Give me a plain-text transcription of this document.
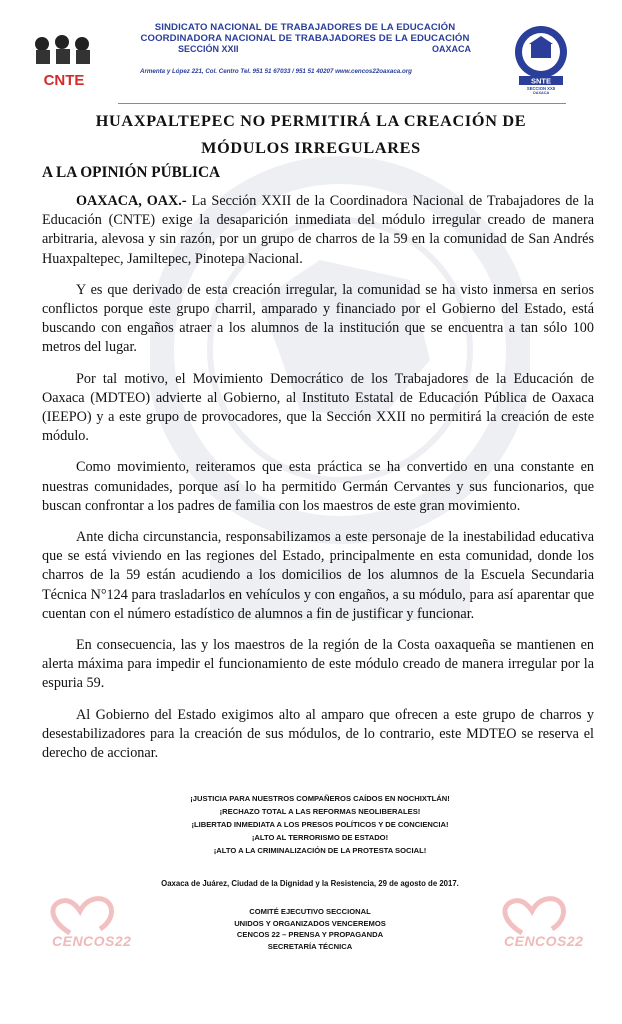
CNTE
SINDICATO NACIONAL DE TRABAJADORES DE LA EDUCACIÓN
COORDINADORA NACIONAL DE TRABAJADORES DE LA EDUCACIÓN
SECCIÓN XXII	OAXACA
Armenta y López 221, Col. Centro Tel. 951 51 67033 / 951 51 40207 www.cencos22oaxaca.org
SNTE
SECCION XXII
OAXACA
HUAXPALTEPEC NO PERMITIRÁ LA CREACIÓN DE
MÓDULOS IRREGULARES
A LA OPINIÓN PÚBLICA

OAXACA, OAX.- La Sección XXII de la Coordinadora Nacional de Trabajadores de la Educación (CNTE) exige la desaparición inmediata del módulo irregular creado de manera arbitraria, alevosa y sin razón, por un grupo de charros de la 59 en la comunidad de San Andrés Huaxpaltepec, Jamiltepec, Pinotepa Nacional.

Y es que derivado de esta creación irregular, la comunidad se ha visto inmersa en serios conflictos porque este grupo charril, amparado y financiado por el Gobierno del Estado, está buscando con engaños atraer a los alumnos de la institución que se encuentra a tan sólo 100 metros del lugar.

Por tal motivo, el Movimiento Democrático de los Trabajadores de la Educación de Oaxaca (MDTEO) advierte al Gobierno, al Instituto Estatal de Educación Pública de Oaxaca (IEEPO) y a este grupo de provocadores, que la Sección XXII no permitirá la creación de este módulo.

Como movimiento, reiteramos que esta práctica se ha convertido en una constante en nuestras comunidades, porque así lo ha permitido Germán Cervantes y sus funcionarios, que buscan confrontar a los padres de familia con los maestros de este gran movimiento.

Ante dicha circunstancia, responsabilizamos a este personaje de la inestabilidad educativa que se está viviendo en las regiones del Estado, principalmente en esta comunidad, donde los charros de la 59 están acudiendo a los domicilios de los alumnos de la Escuela Secundaria Técnica N°124 para trasladarlos en vehículos y con engaños, a su módulo, para así aparentar que cuentan con el número estadístico de alumnos a fin de justificar y funcionar.

En consecuencia, las y los maestros de la región de la Costa oaxaqueña se mantienen en alerta máxima para impedir el funcionamiento de este módulo creado de manera irregular por la espuria 59.

Al Gobierno del Estado exigimos alto al amparo que ofrecen a este grupo de charros y desestabilizadores para la creación de sus módulos, de lo contrario, este MDTEO se reserva el derecho de accionar.

¡JUSTICIA PARA NUESTROS COMPAÑEROS CAÍDOS EN NOCHIXTLÁN!
¡RECHAZO TOTAL A LAS REFORMAS NEOLIBERALES!
¡LIBERTAD INMEDIATA A LOS PRESOS POLÍTICOS Y DE CONCIENCIA!
¡ALTO AL TERRORISMO DE ESTADO!
¡ALTO A LA CRIMINALIZACIÓN DE LA PROTESTA SOCIAL!
Oaxaca de Juárez, Ciudad de la Dignidad y la Resistencia, 29 de agosto de 2017.
COMITÉ EJECUTIVO SECCIONAL
UNIDOS Y ORGANIZADOS VENCEREMOS
CENCOS 22 – PRENSA Y PROPAGANDA
SECRETARÍA TÉCNICA
CENCOS22	CENCOS22
